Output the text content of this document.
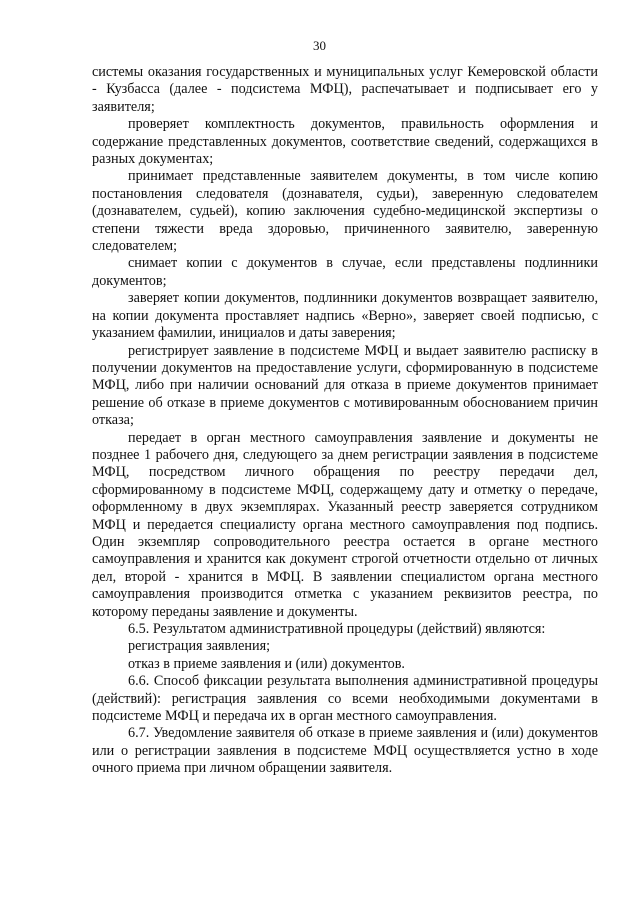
30

системы оказания государственных и муниципальных услуг Кемеровской области - Кузбасса (далее - подсистема МФЦ), распечатывает и подписывает его у заявителя;

проверяет комплектность документов, правильность оформления и содержание представленных документов, соответствие сведений, содержащихся в разных документах;

принимает представленные заявителем документы, в том числе копию постановления следователя (дознавателя, судьи), заверенную следователем (дознавателем, судьей), копию заключения судебно-медицинской экспертизы о степени тяжести вреда здоровью, причиненного заявителю, заверенную следователем;

снимает копии с документов в случае, если представлены подлинники документов;

заверяет копии документов, подлинники документов возвращает заявителю, на копии документа проставляет надпись «Верно», заверяет своей подписью, с указанием фамилии, инициалов и даты заверения;

регистрирует заявление в подсистеме МФЦ и выдает заявителю расписку в получении документов на предоставление услуги, сформированную в подсистеме МФЦ, либо при наличии оснований для отказа в приеме документов принимает решение об отказе в приеме документов с мотивированным обоснованием причин отказа;

передает в орган местного самоуправления заявление и документы не позднее 1 рабочего дня, следующего за днем регистрации заявления в подсистеме МФЦ, посредством личного обращения по реестру передачи дел, сформированному в подсистеме МФЦ, содержащему дату и отметку о передаче, оформленному в двух экземплярах. Указанный реестр заверяется сотрудником МФЦ и передается специалисту органа местного самоуправления под подпись. Один экземпляр сопроводительного реестра остается в органе местного самоуправления и хранится как документ строгой отчетности отдельно от личных дел, второй - хранится в МФЦ. В заявлении специалистом органа местного самоуправления производится отметка с указанием реквизитов реестра, по которому переданы заявление и документы.

6.5. Результатом административной процедуры (действий) являются:

регистрация заявления;

отказ в приеме заявления и (или) документов.

6.6. Способ фиксации результата выполнения административной процедуры (действий): регистрация заявления со всеми необходимыми документами в подсистеме МФЦ и передача их в орган местного самоуправления.

6.7. Уведомление заявителя об отказе в приеме заявления и (или) документов или о регистрации заявления в подсистеме МФЦ осуществляется устно в ходе очного приема при личном обращении заявителя.
